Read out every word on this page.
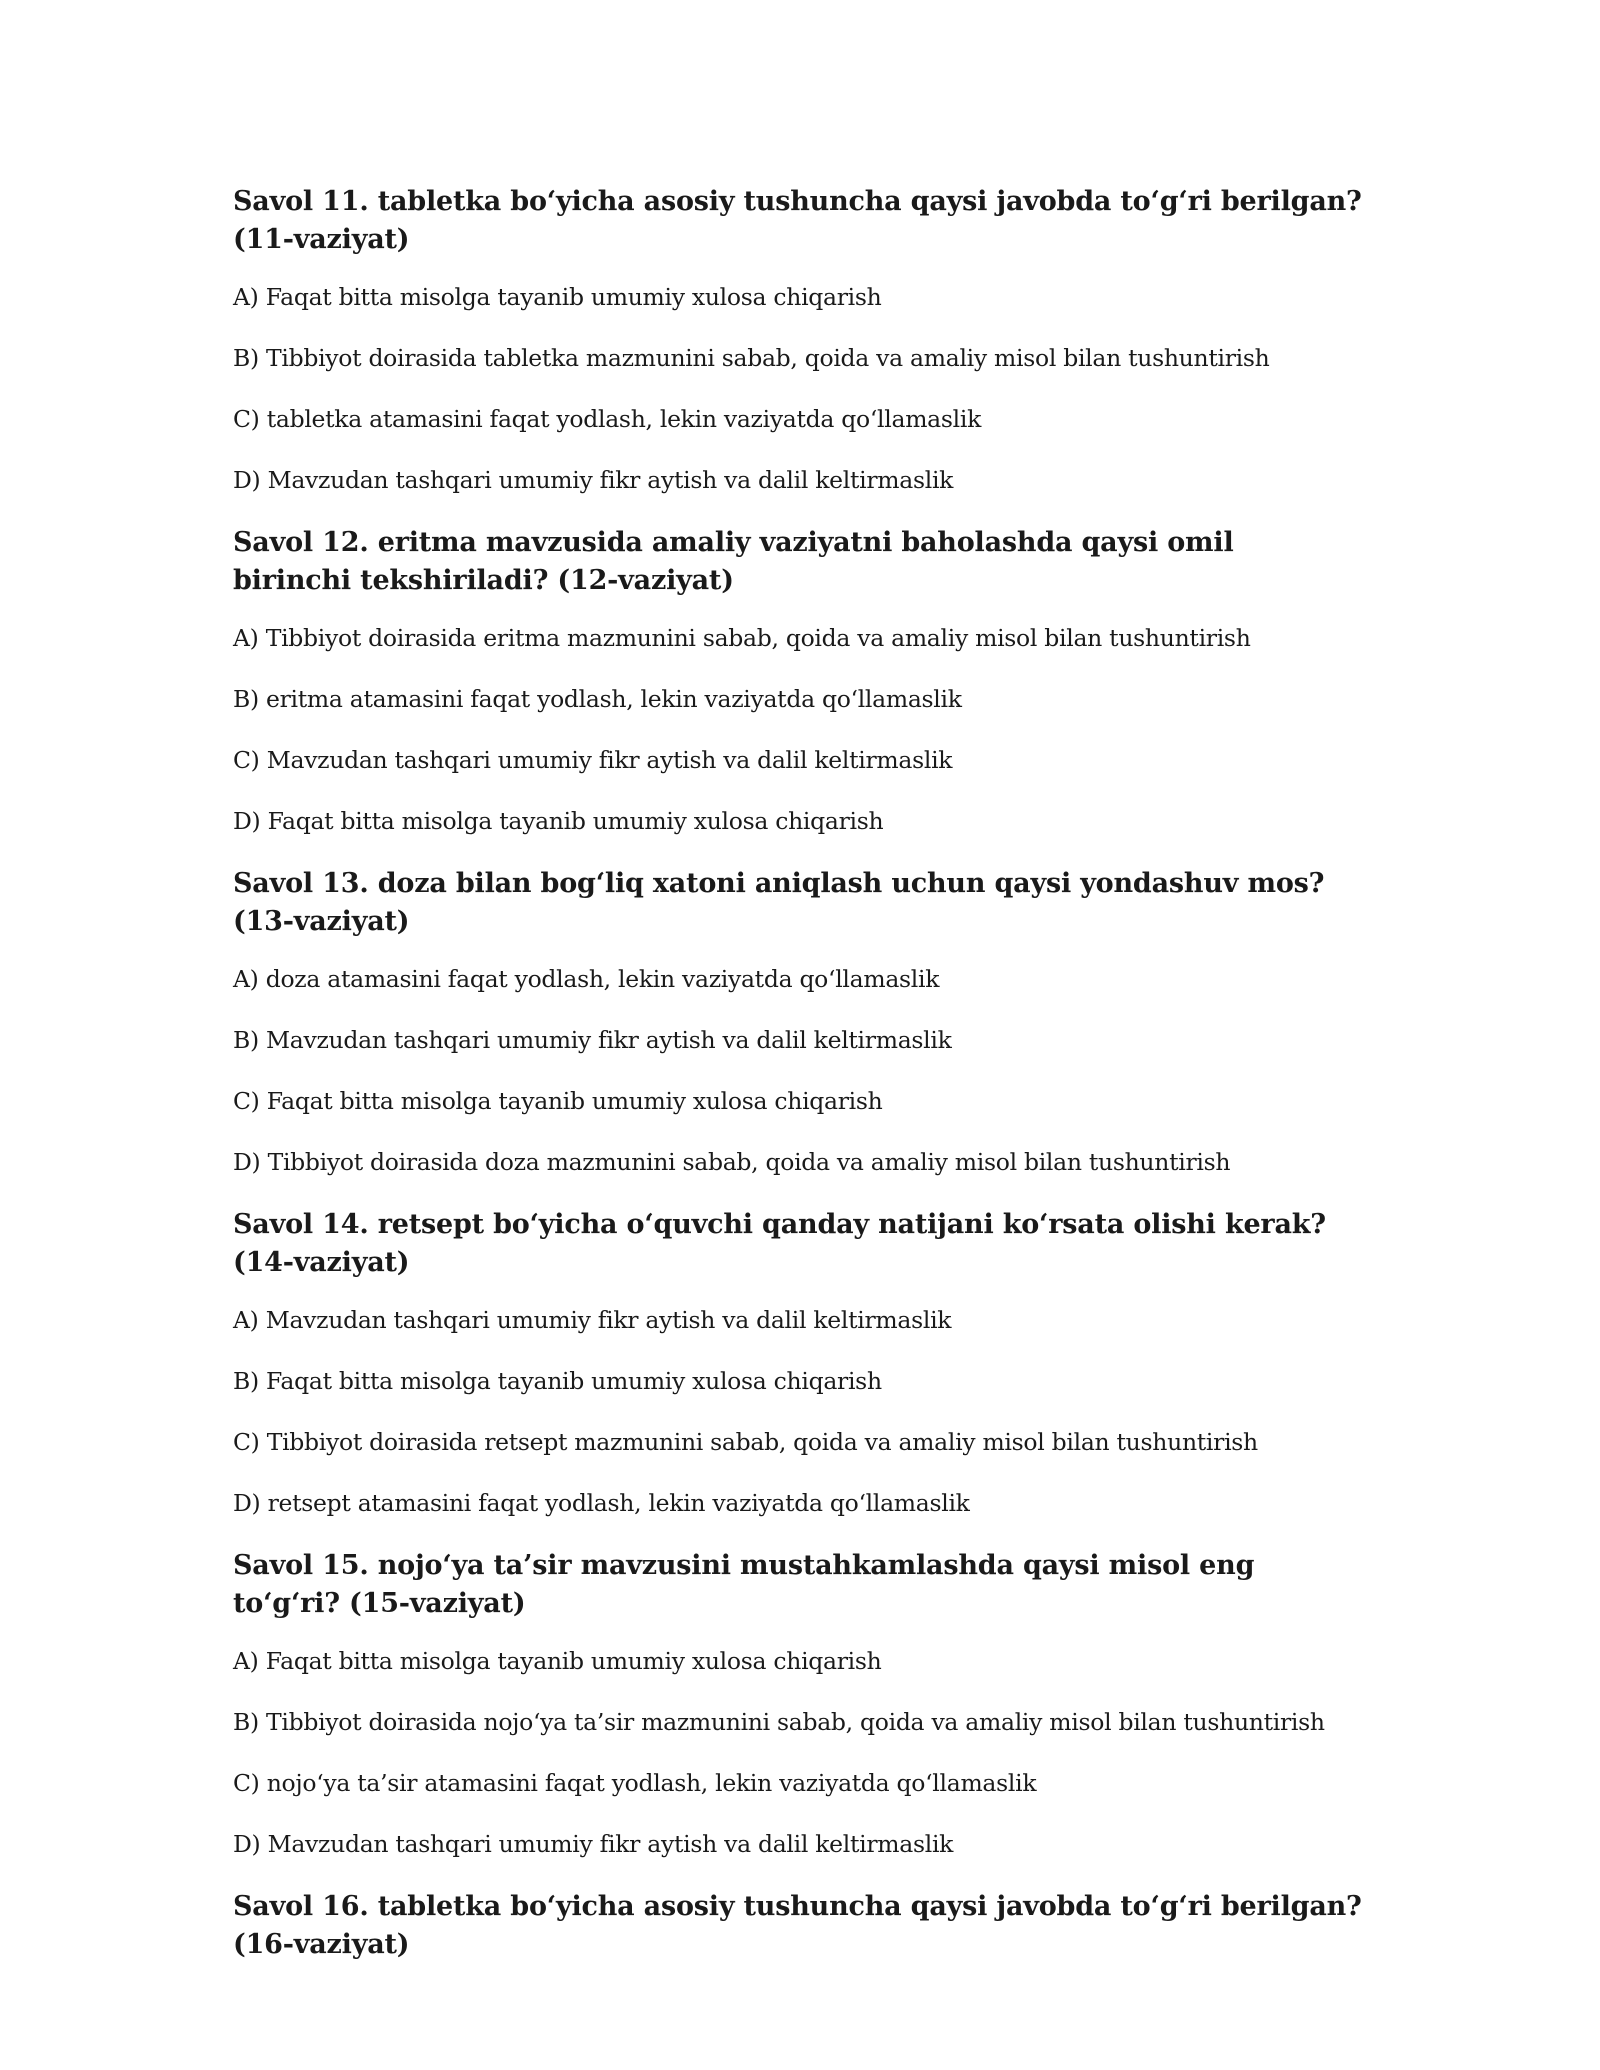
Savol 11. tabletka bo‘yicha asosiy tushuncha qaysi javobda to‘g‘ri berilgan? (11-vaziyat)

A) Faqat bitta misolga tayanib umumiy xulosa chiqarish

B) Tibbiyot doirasida tabletka mazmunini sabab, qoida va amaliy misol bilan tushuntirish

C) tabletka atamasini faqat yodlash, lekin vaziyatda qo‘llamaslik

D) Mavzudan tashqari umumiy fikr aytish va dalil keltirmaslik

Savol 12. eritma mavzusida amaliy vaziyatni baholashda qaysi omil birinchi tekshiriladi? (12-vaziyat)

A) Tibbiyot doirasida eritma mazmunini sabab, qoida va amaliy misol bilan tushuntirish

B) eritma atamasini faqat yodlash, lekin vaziyatda qo‘llamaslik

C) Mavzudan tashqari umumiy fikr aytish va dalil keltirmaslik

D) Faqat bitta misolga tayanib umumiy xulosa chiqarish

Savol 13. doza bilan bog‘liq xatoni aniqlash uchun qaysi yondashuv mos? (13-vaziyat)

A) doza atamasini faqat yodlash, lekin vaziyatda qo‘llamaslik

B) Mavzudan tashqari umumiy fikr aytish va dalil keltirmaslik

C) Faqat bitta misolga tayanib umumiy xulosa chiqarish

D) Tibbiyot doirasida doza mazmunini sabab, qoida va amaliy misol bilan tushuntirish

Savol 14. retsept bo‘yicha o‘quvchi qanday natijani ko‘rsata olishi kerak? (14-vaziyat)

A) Mavzudan tashqari umumiy fikr aytish va dalil keltirmaslik

B) Faqat bitta misolga tayanib umumiy xulosa chiqarish

C) Tibbiyot doirasida retsept mazmunini sabab, qoida va amaliy misol bilan tushuntirish

D) retsept atamasini faqat yodlash, lekin vaziyatda qo‘llamaslik

Savol 15. nojo‘ya ta’sir mavzusini mustahkamlashda qaysi misol eng to‘g‘ri? (15-vaziyat)

A) Faqat bitta misolga tayanib umumiy xulosa chiqarish

B) Tibbiyot doirasida nojo‘ya ta’sir mazmunini sabab, qoida va amaliy misol bilan tushuntirish

C) nojo‘ya ta’sir atamasini faqat yodlash, lekin vaziyatda qo‘llamaslik

D) Mavzudan tashqari umumiy fikr aytish va dalil keltirmaslik

Savol 16. tabletka bo‘yicha asosiy tushuncha qaysi javobda to‘g‘ri berilgan? (16-vaziyat)
